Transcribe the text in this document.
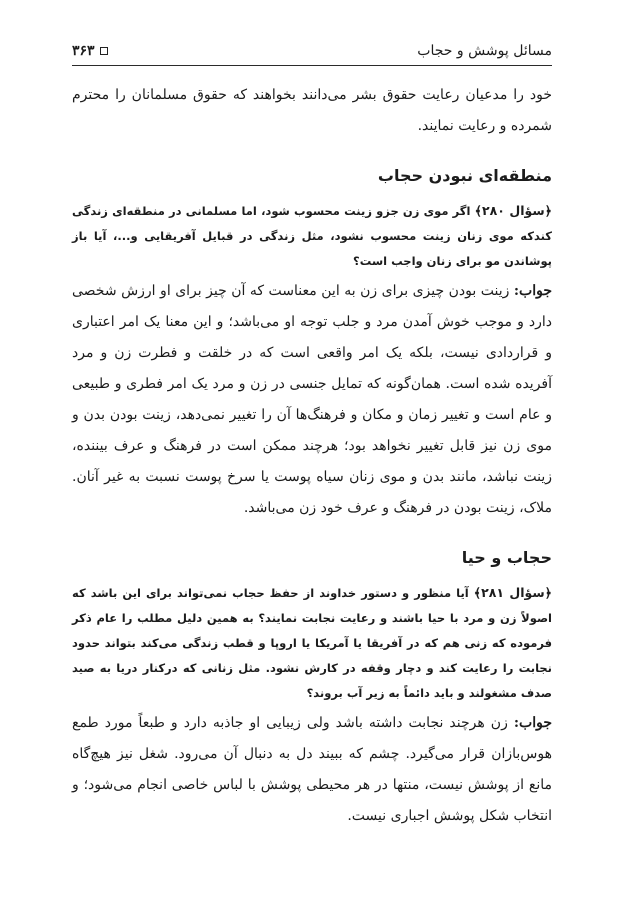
مسائل پوشش و حجاب
۳۶۳

خود را مدعیان رعایت حقوق بشر می‌دانند بخواهند که حقوق مسلمانان را محترم شمرده و رعایت نمایند.

منطقه‌ای نبودن حجاب

﴿سؤال ۲۸۰﴾ اگر موی زن جزو زینت محسوب شود، اما مسلمانی در منطقه‌ای زندگی کندکه موی زنان زینت محسوب نشود، مثل زندگی در قبایل آفریقایی و...، آیا باز پوشاندن مو برای زنان واجب است؟

جواب: زینت بودن چیزی برای زن به این معناست که آن چیز برای او ارزش شخصی دارد و موجب خوش آمدن مرد و جلب توجه او می‌باشد؛ و این معنا یک امر اعتباری و قراردادی نیست، بلکه یک امر واقعی است که در خلقت و فطرت زن و مرد آفریده شده است. همان‌گونه که تمایل جنسی در زن و مرد یک امر فطری و طبیعی و عام است و تغییر زمان و مکان و فرهنگ‌ها آن را تغییر نمی‌دهد، زینت بودن بدن و موی زن نیز قابل تغییر نخواهد بود؛ هرچند ممکن است در فرهنگ و عرف بیننده، زینت نباشد، مانند بدن و موی زنان سیاه پوست یا سرخ پوست نسبت به غیر آنان. ملاک، زینت بودن در فرهنگ و عرف خود زن می‌باشد.

حجاب و حیا

﴿سؤال ۲۸۱﴾ آیا منظور و دستور خداوند از حفظ حجاب نمی‌تواند برای این باشد که اصولاً زن و مرد با حیا باشند و رعایت نجابت نمایند؟ به همین دلیل مطلب را عام ذکر فرموده که زنی هم که در آفریقا یا آمریکا یا اروپا و قطب زندگی می‌کند بتواند حدود نجابت را رعایت کند و دچار وقفه در کارش نشود. مثل زنانی که درکنار دریا به صید صدف مشغولند و باید دائماً به زیر آب بروند؟

جواب: زن هرچند نجابت داشته باشد ولی زیبایی او جاذبه دارد و طبعاً مورد طمع هوس‌بازان قرار می‌گیرد. چشم که ببیند دل به دنبال آن می‌رود. شغل نیز هیچ‌گاه مانع از پوشش نیست، منتها در هر محیطی پوشش با لباس خاصی انجام می‌شود؛ و انتخاب شکل پوشش اجباری نیست.
